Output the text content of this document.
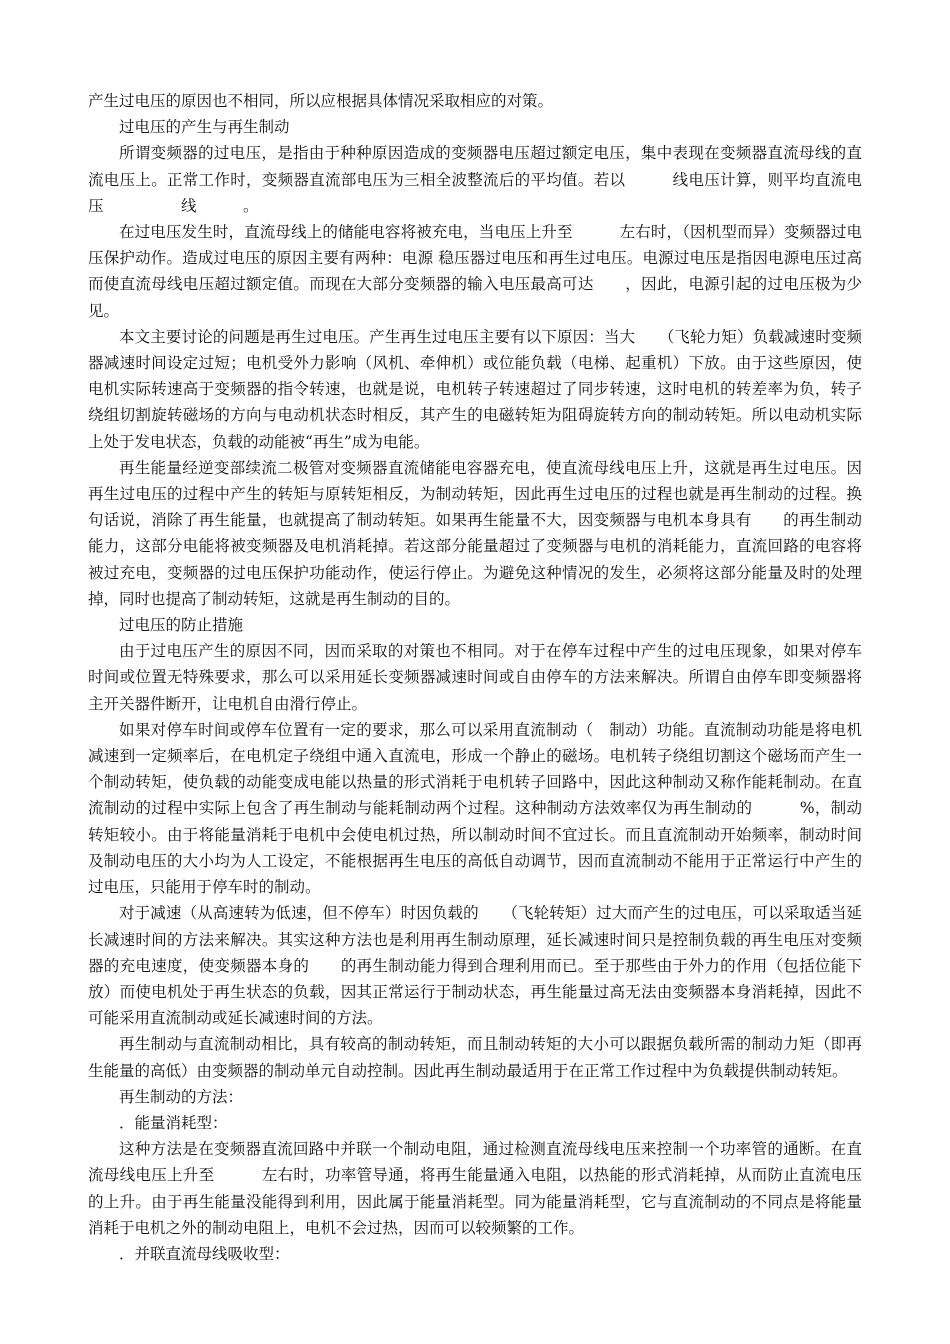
产生过电压的原因也不相同，所以应根据具体情况采取相应的对策。

过电压的产生与再生制动

所谓变频器的过电压，是指由于种种原因造成的变频器电压超过额定电压，集中表现在变频器直流母线的直流电压上。正常工作时，变频器直流部电压为三相全波整流后的平均值。若以　　　线电压计算，则平均直流电压　　　　　线　　　。

在过电压发生时，直流母线上的储能电容将被充电，当电压上升至　　　左右时，（因机型而异）变频器过电压保护动作。造成过电压的原因主要有两种：电源 稳压器过电压和再生过电压。电源过电压是指因电源电压过高而使直流母线电压超过额定值。而现在大部分变频器的输入电压最高可达　　，因此，电源引起的过电压极为少见。

本文主要讨论的问题是再生过电压。产生再生过电压主要有以下原因：当大　　（飞轮力矩）负载减速时变频器减速时间设定过短；电机受外力影响（风机、牵伸机）或位能负载（电梯、起重机）下放。由于这些原因，使电机实际转速高于变频器的指令转速，也就是说，电机转子转速超过了同步转速，这时电机的转差率为负，转子绕组切割旋转磁场的方向与电动机状态时相反，其产生的电磁转矩为阻碍旋转方向的制动转矩。所以电动机实际上处于发电状态，负载的动能被“再生”成为电能。

再生能量经逆变部续流二极管对变频器直流储能电容器充电，使直流母线电压上升，这就是再生过电压。因再生过电压的过程中产生的转矩与原转矩相反，为制动转矩，因此再生过电压的过程也就是再生制动的过程。换句话说，消除了再生能量，也就提高了制动转矩。如果再生能量不大，因变频器与电机本身具有　　的再生制动能力，这部分电能将被变频器及电机消耗掉。若这部分能量超过了变频器与电机的消耗能力，直流回路的电容将被过充电，变频器的过电压保护功能动作，使运行停止。为避免这种情况的发生，必须将这部分能量及时的处理掉，同时也提高了制动转矩，这就是再生制动的目的。

过电压的防止措施

由于过电压产生的原因不同，因而采取的对策也不相同。对于在停车过程中产生的过电压现象，如果对停车时间或位置无特殊要求，那么可以采用延长变频器减速时间或自由停车的方法来解决。所谓自由停车即变频器将主开关器件断开，让电机自由滑行停止。

如果对停车时间或停车位置有一定的要求，那么可以采用直流制动（　制动）功能。直流制动功能是将电机减速到一定频率后，在电机定子绕组中通入直流电，形成一个静止的磁场。电机转子绕组切割这个磁场而产生一个制动转矩，使负载的动能变成电能以热量的形式消耗于电机转子回路中，因此这种制动又称作能耗制动。在直流制动的过程中实际上包含了再生制动与能耗制动两个过程。这种制动方法效率仅为再生制动的　　　%，制动转矩较小。由于将能量消耗于电机中会使电机过热，所以制动时间不宜过长。而且直流制动开始频率，制动时间及制动电压的大小均为人工设定，不能根据再生电压的高低自动调节，因而直流制动不能用于正常运行中产生的过电压，只能用于停车时的制动。

对于减速（从高速转为低速，但不停车）时因负载的　　（飞轮转矩）过大而产生的过电压，可以采取适当延长减速时间的方法来解决。其实这种方法也是利用再生制动原理，延长减速时间只是控制负载的再生电压对变频器的充电速度，使变频器本身的　　的再生制动能力得到合理利用而已。至于那些由于外力的作用（包括位能下放）而使电机处于再生状态的负载，因其正常运行于制动状态，再生能量过高无法由变频器本身消耗掉，因此不可能采用直流制动或延长减速时间的方法。

再生制动与直流制动相比，具有较高的制动转矩，而且制动转矩的大小可以跟据负载所需的制动力矩（即再生能量的高低）由变频器的制动单元自动控制。因此再生制动最适用于在正常工作过程中为负载提供制动转矩。

再生制动的方法：

．能量消耗型：

这种方法是在变频器直流回路中并联一个制动电阻，通过检测直流母线电压来控制一个功率管的通断。在直流母线电压上升至　　　左右时，功率管导通，将再生能量通入电阻，以热能的形式消耗掉，从而防止直流电压的上升。由于再生能量没能得到利用，因此属于能量消耗型。同为能量消耗型，它与直流制动的不同点是将能量消耗于电机之外的制动电阻上，电机不会过热，因而可以较频繁的工作。

．并联直流母线吸收型：
